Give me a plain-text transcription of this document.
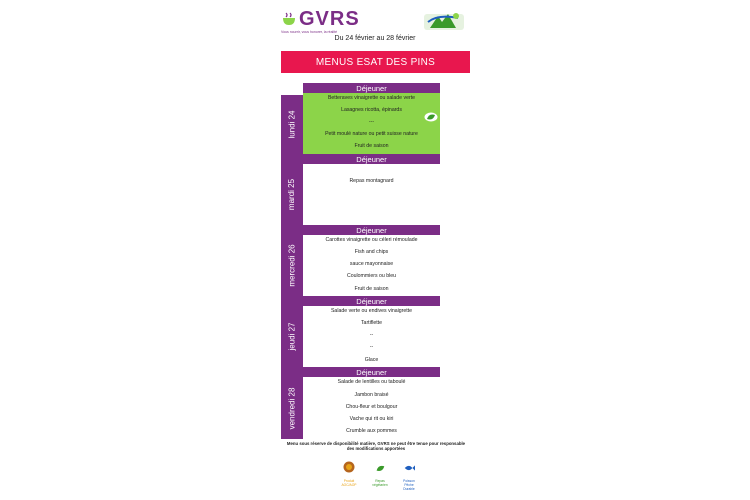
GVRS
Vous nourrir, vous honorer, la réalité
Du 24 février au 28 février
MENUS ESAT DES PINS
lundi 24
mardi 25
mercredi 26
jeudi 27
vendredi 28
Déjeuner
Betteraves vinaigrette ou salade verte
Lasagnes ricotta, épinards
---
Petit moulé nature ou petit suisse nature
Fruit de saison
Déjeuner
Repas montagnard
Déjeuner
Carottes vinaigrette ou céleri rémoulade
Fish and chips
sauce mayonnaise
Coulommiers ou bleu
Fruit de saison
Déjeuner
Salade verte ou endives vinaigrette
Tartiflette
--
--
Glace
Déjeuner
Salade de lentilles ou taboulé
Jambon braisé
Chou-fleur et boulgour
Vache qui rit ou kiri
Crumble aux pommes
Menu sous réserve de disponibilité matière, GVRS ne peut être tenue pour responsable
des modifications apportées
Produit
AOC/AOP
Repas
végétarien
Poisson
Pêche
Durable
